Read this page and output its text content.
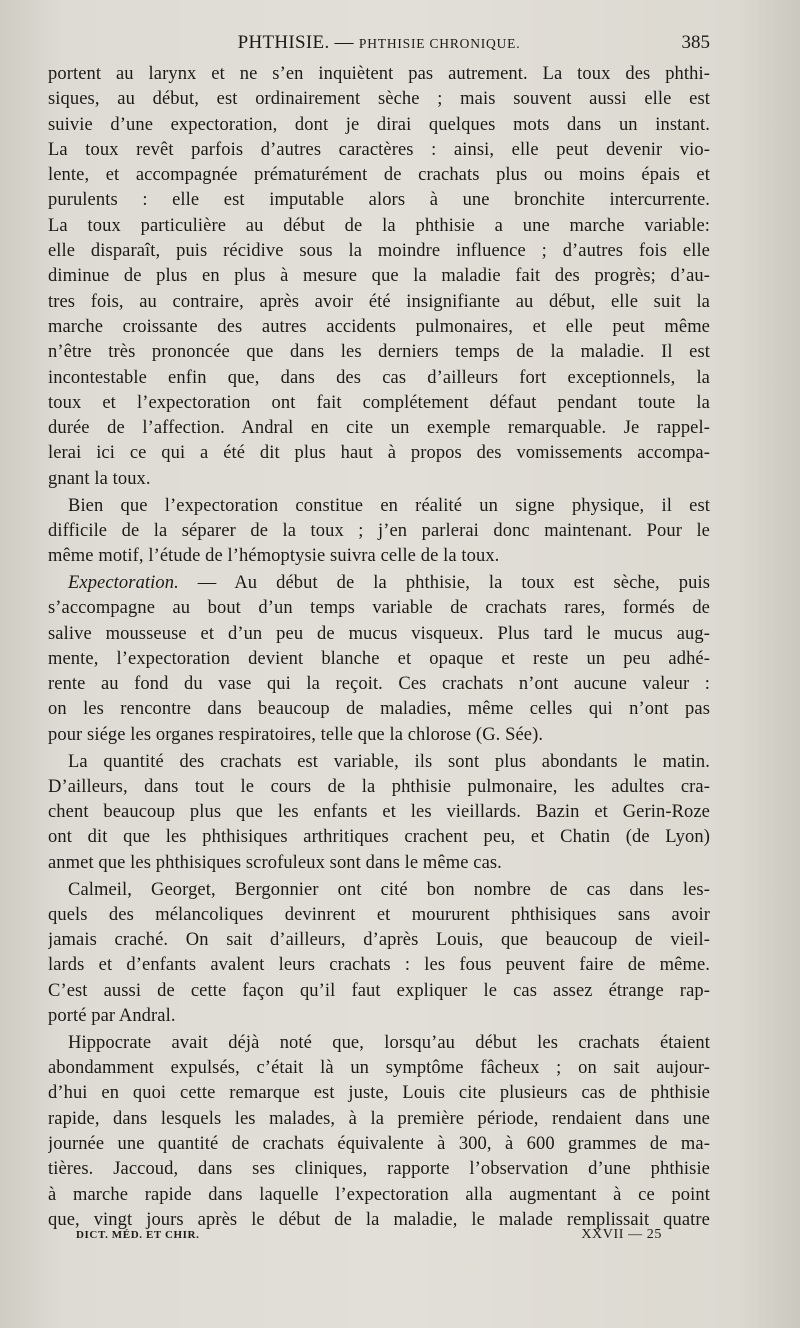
PHTHISIE. — PHTHISIE CHRONIQUE.	385
portent au larynx et ne s’en inquiètent pas autrement. La toux des phthi-
siques, au début, est ordinairement sèche ; mais souvent aussi elle est
suivie d’une expectoration, dont je dirai quelques mots dans un instant.
La toux revêt parfois d’autres caractères : ainsi, elle peut devenir vio-
lente, et accompagnée prématurément de crachats plus ou moins épais et
purulents : elle est imputable alors à une bronchite intercurrente.
La toux particulière au début de la phthisie a une marche variable:
elle disparaît, puis récidive sous la moindre influence ; d’autres fois elle
diminue de plus en plus à mesure que la maladie fait des progrès; d’au-
tres fois, au contraire, après avoir été insignifiante au début, elle suit la
marche croissante des autres accidents pulmonaires, et elle peut même
n’être très prononcée que dans les derniers temps de la maladie. Il est
incontestable enfin que, dans des cas d’ailleurs fort exceptionnels, la
toux et l’expectoration ont fait complétement défaut pendant toute la
durée de l’affection. Andral en cite un exemple remarquable. Je rappel-
lerai ici ce qui a été dit plus haut à propos des vomissements accompa-
gnant la toux.
Bien que l’expectoration constitue en réalité un signe physique, il est
difficile de la séparer de la toux ; j’en parlerai donc maintenant. Pour le
même motif, l’étude de l’hémoptysie suivra celle de la toux.
Expectoration. — Au début de la phthisie, la toux est sèche, puis
s’accompagne au bout d’un temps variable de crachats rares, formés de
salive mousseuse et d’un peu de mucus visqueux. Plus tard le mucus aug-
mente, l’expectoration devient blanche et opaque et reste un peu adhé-
rente au fond du vase qui la reçoit. Ces crachats n’ont aucune valeur :
on les rencontre dans beaucoup de maladies, même celles qui n’ont pas
pour siége les organes respiratoires, telle que la chlorose (G. Sée).
La quantité des crachats est variable, ils sont plus abondants le matin.
D’ailleurs, dans tout le cours de la phthisie pulmonaire, les adultes cra-
chent beaucoup plus que les enfants et les vieillards. Bazin et Gerin-Roze
ont dit que les phthisiques arthritiques crachent peu, et Chatin (de Lyon)
anmet que les phthisiques scrofuleux sont dans le même cas.
Calmeil, Georget, Bergonnier ont cité bon nombre de cas dans les-
quels des mélancoliques devinrent et moururent phthisiques sans avoir
jamais craché. On sait d’ailleurs, d’après Louis, que beaucoup de vieil-
lards et d’enfants avalent leurs crachats : les fous peuvent faire de même.
C’est aussi de cette façon qu’il faut expliquer le cas assez étrange rap-
porté par Andral.
Hippocrate avait déjà noté que, lorsqu’au début les crachats étaient
abondamment expulsés, c’était là un symptôme fâcheux ; on sait aujour-
d’hui en quoi cette remarque est juste, Louis cite plusieurs cas de phthisie
rapide, dans lesquels les malades, à la première période, rendaient dans une
journée une quantité de crachats équivalente à 300, à 600 grammes de ma-
tières. Jaccoud, dans ses cliniques, rapporte l’observation d’une phthisie
à marche rapide dans laquelle l’expectoration alla augmentant à ce point
que, vingt jours après le début de la maladie, le malade remplissait quatre
DICT. MÉD. ET CHIR.	XXVII — 25
